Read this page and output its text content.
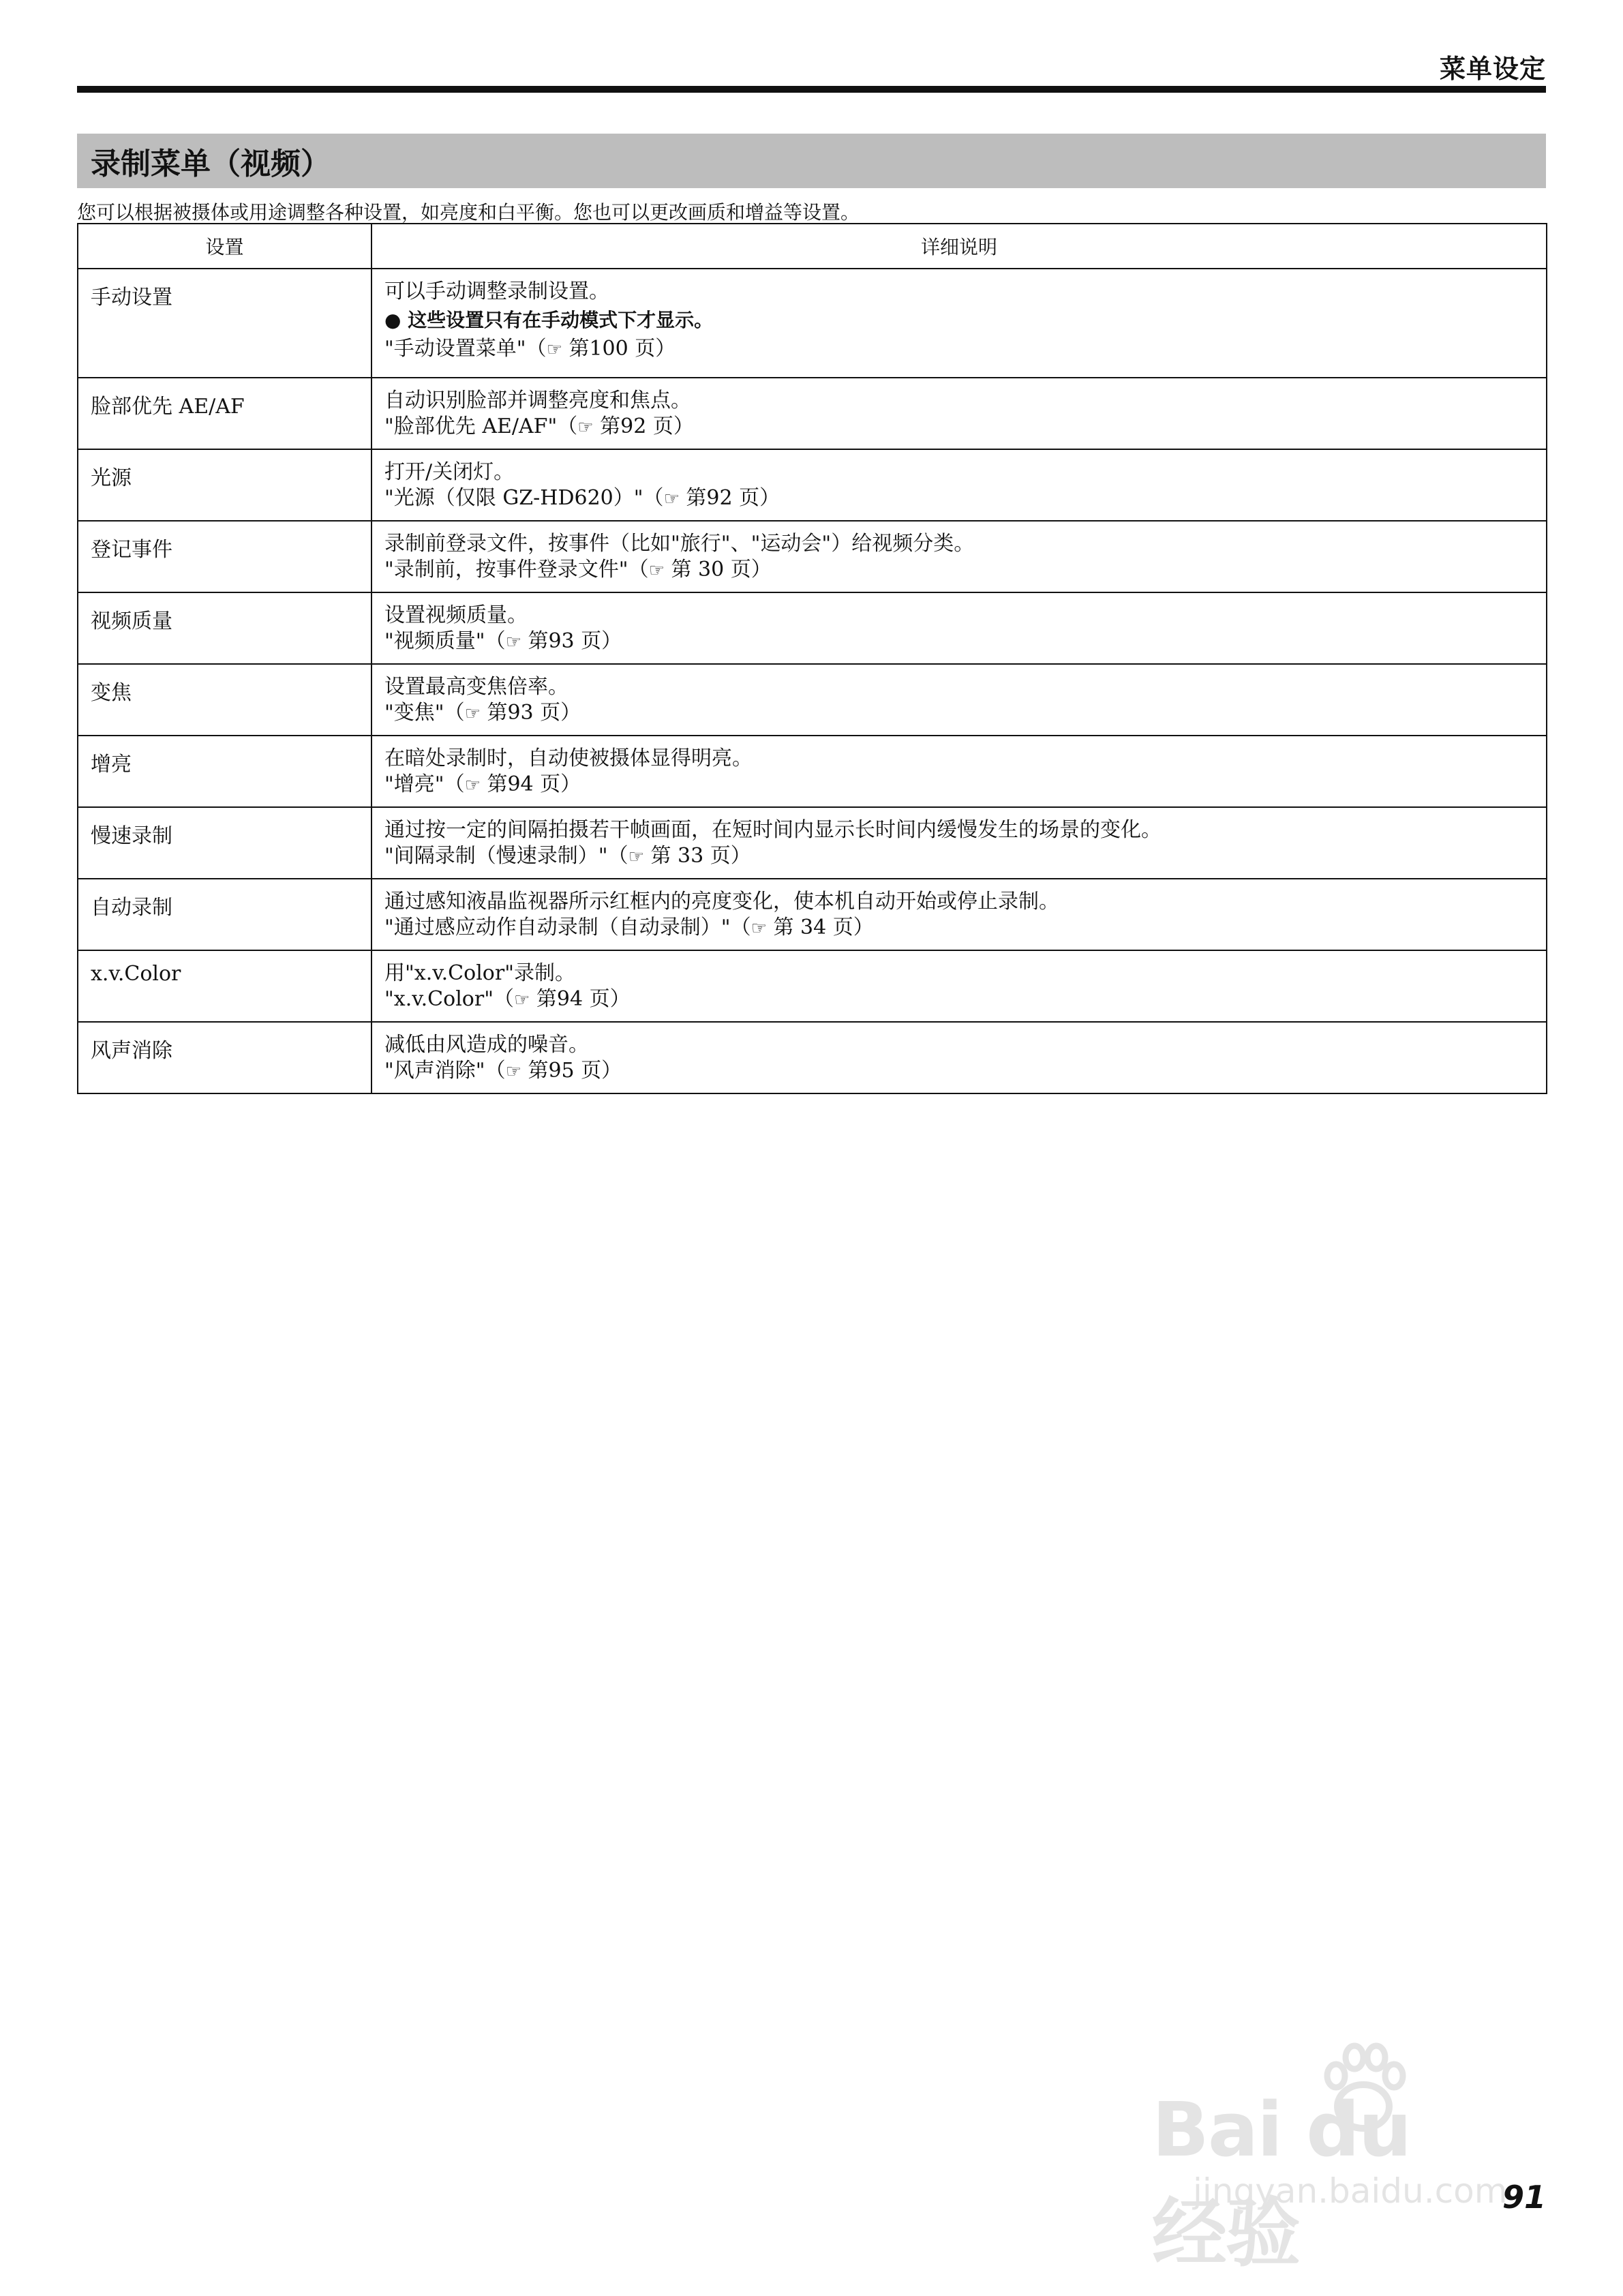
菜单设定
录制菜单（视频）
您可以根据被摄体或用途调整各种设置，如亮度和白平衡。您也可以更改画质和增益等设置。
设置	详细说明
手动设置	可以手动调整录制设置。
● 这些设置只有在手动模式下才显示。
"手动设置菜单"（☞ 第100 页）

脸部优先 AE/AF	自动识别脸部并调整亮度和焦点。
"脸部优先 AE/AF"（☞ 第92 页）

光源	打开/关闭灯。
"光源（仅限 GZ-HD620）"（☞ 第92 页）

登记事件	录制前登录文件，按事件（比如"旅行"、"运动会"）给视频分类。
"录制前，按事件登录文件"（☞ 第 30 页）

视频质量	设置视频质量。
"视频质量"（☞ 第93 页）

变焦	设置最高变焦倍率。
"变焦"（☞ 第93 页）

增亮	在暗处录制时，自动使被摄体显得明亮。
"增亮"（☞ 第94 页）

慢速录制	通过按一定的间隔拍摄若干帧画面，在短时间内显示长时间内缓慢发生的场景的变化。
"间隔录制（慢速录制）"（☞ 第 33 页）

自动录制	通过感知液晶监视器所示红框内的亮度变化，使本机自动开始或停止录制。
"通过感应动作自动录制（自动录制）"（☞ 第 34 页）

x.v.Color	用"x.v.Color"录制。
"x.v.Color"（☞ 第94 页）

风声消除	减低由风造成的噪音。
"风声消除"（☞ 第95 页）
Bai du 经验
jingyan.baidu.com
91
